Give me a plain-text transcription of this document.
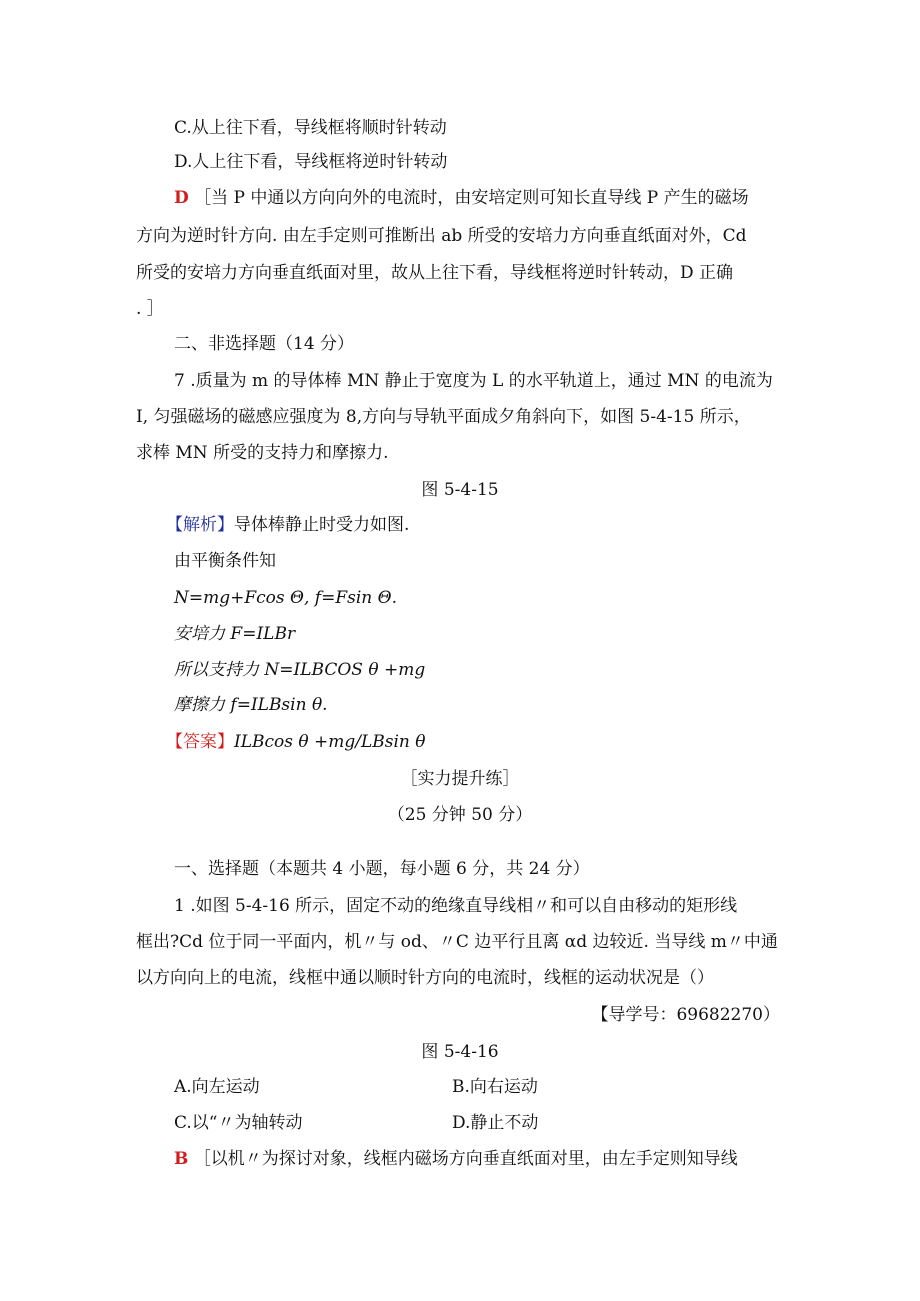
C.从上往下看，导线框将顺时针转动
D.人上往下看，导线框将逆时针转动
D ［当 P 中通以方向向外的电流时，由安培定则可知长直导线 P 产生的磁场
方向为逆时针方向. 由左手定则可推断出 ab 所受的安培力方向垂直纸面对外，Cd
所受的安培力方向垂直纸面对里，故从上往下看，导线框将逆时针转动，D 正确
. ］
二、非选择题（14 分）
7 .质量为 m 的导体棒 MN 静止于宽度为 L 的水平轨道上，通过 MN 的电流为
I, 匀强磁场的磁感应强度为 8,方向与导轨平面成夕角斜向下，如图 5-4-15 所示，
求棒 MN 所受的支持力和摩擦力.
图 5-4-15
【解析】导体棒静止时受力如图.
由平衡条件知
N=mg+Fcos Θ, f=Fsin Θ.
安培力 F=ILBr
所以支持力 N=ILBCOS θ +mg
摩擦力 f=ILBsin θ.
【答案】ILBcos θ +mg/LBsin θ
［实力提升练］
（25 分钟 50 分）
一、选择题（本题共 4 小题，每小题 6 分，共 24 分）
1 .如图 5-4-16 所示，固定不动的绝缘直导线相〃和可以自由移动的矩形线
框出?Cd 位于同一平面内，机〃与 od、〃C 边平行且离 αd 边较近. 当导线 m〃中通
以方向向上的电流，线框中通以顺时针方向的电流时，线框的运动状况是（）
【导学号：69682270）
图 5-4-16
A.向左运动	B.向右运动
C.以“〃为轴转动	D.静止不动
B ［以机〃为探讨对象，线框内磁场方向垂直纸面对里，由左手定则知导线
